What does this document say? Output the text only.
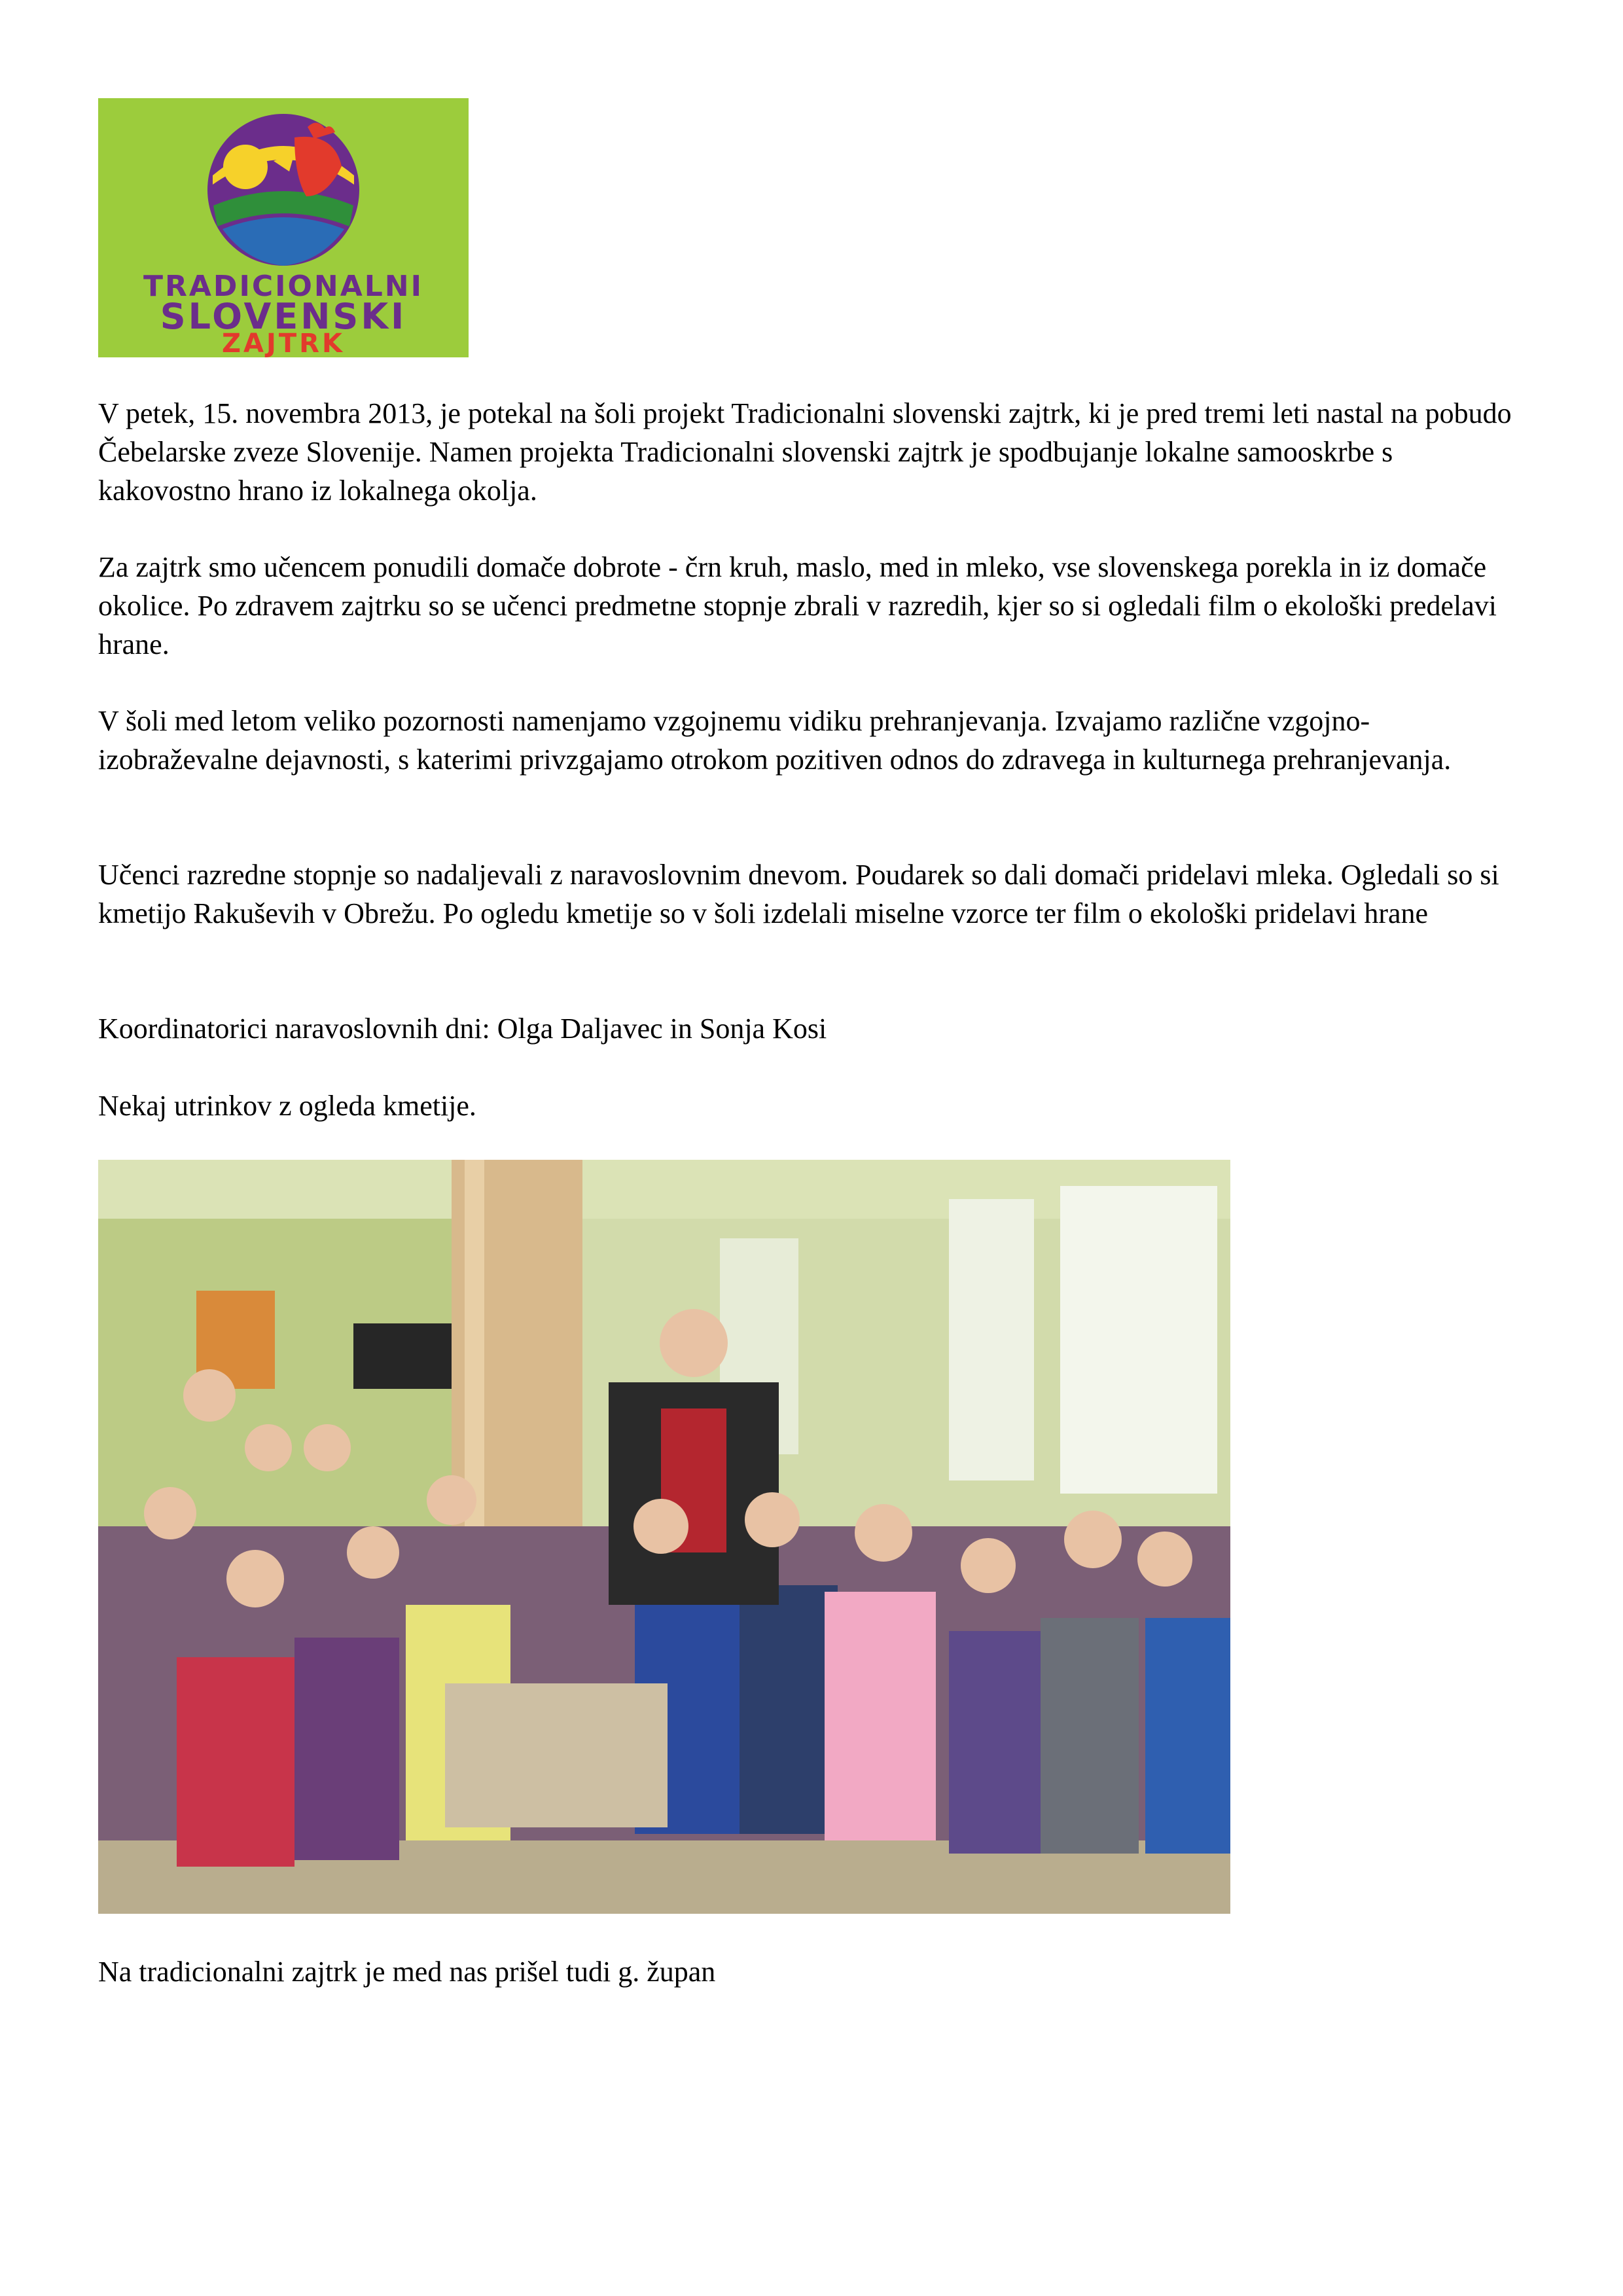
TRADICIONALNI
SLOVENSKI
ZAJTRK

V petek, 15. novembra 2013, je potekal na šoli projekt Tradicionalni slovenski zajtrk, ki je pred tremi leti nastal na pobudo Čebelarske zveze Slovenije. Namen projekta Tradicionalni slovenski zajtrk je spodbujanje lokalne samooskrbe s kakovostno hrano iz lokalnega okolja.

Za zajtrk smo učencem ponudili domače dobrote - črn kruh, maslo, med in mleko, vse slovenskega porekla in iz domače okolice. Po zdravem zajtrku so se učenci predmetne stopnje zbrali v razredih, kjer so si ogledali film o ekološki predelavi hrane.

V šoli med letom veliko pozornosti namenjamo vzgojnemu vidiku prehranjevanja. Izvajamo različne vzgojno-izobraževalne dejavnosti, s katerimi privzgajamo otrokom pozitiven odnos do zdravega in kulturnega prehranjevanja.

Učenci razredne stopnje so nadaljevali z naravoslovnim dnevom. Poudarek so dali domači pridelavi mleka. Ogledali so si kmetijo Rakuševih v Obrežu. Po ogledu kmetije so v šoli izdelali miselne vzorce ter film o ekološki pridelavi hrane

Koordinatorici naravoslovnih dni: Olga Daljavec in Sonja Kosi

Nekaj utrinkov z ogleda kmetije.

Na tradicionalni zajtrk je med nas prišel tudi g. župan
